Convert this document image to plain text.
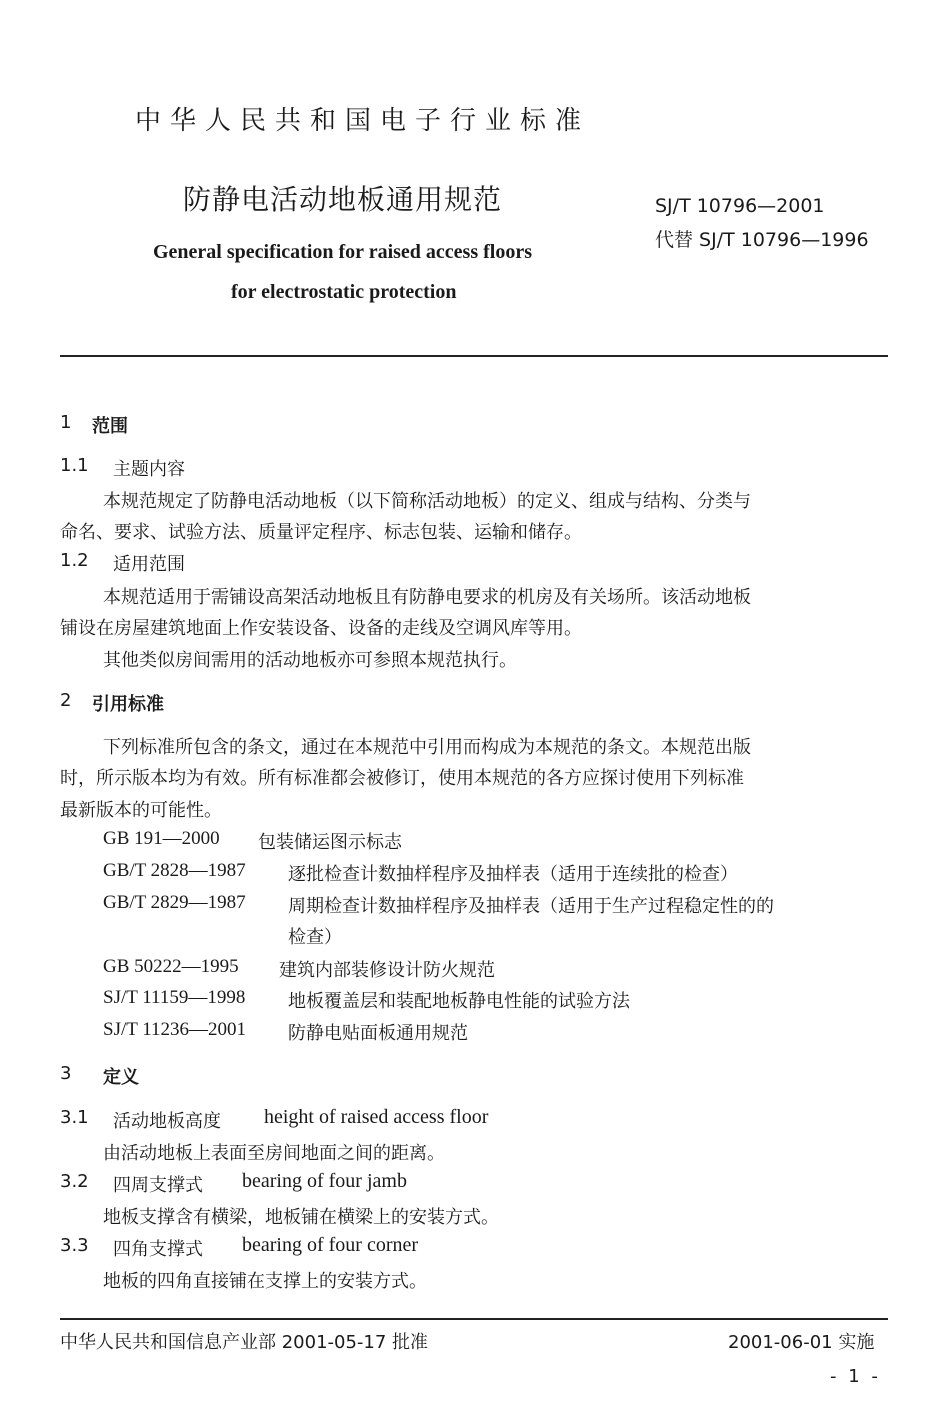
中华人民共和国电子行业标准
防静电活动地板通用规范
General specification for raised access floors
for electrostatic protection
SJ/T 10796—2001
代替 SJ/T 10796—1996
1 范围
1.1 主题内容
本规范规定了防静电活动地板（以下简称活动地板）的定义、组成与结构、分类与
命名、要求、试验方法、质量评定程序、标志包装、运输和储存。
1.2 适用范围
本规范适用于需铺设高架活动地板且有防静电要求的机房及有关场所。该活动地板
铺设在房屋建筑地面上作安装设备、设备的走线及空调风库等用。
其他类似房间需用的活动地板亦可参照本规范执行。
2 引用标准
下列标准所包含的条文，通过在本规范中引用而构成为本规范的条文。本规范出版
时，所示版本均为有效。所有标准都会被修订，使用本规范的各方应探讨使用下列标准
最新版本的可能性。
GB 191—2000 包装储运图示标志
GB/T 2828—1987 逐批检查计数抽样程序及抽样表（适用于连续批的检查）
GB/T 2829—1987 周期检查计数抽样程序及抽样表（适用于生产过程稳定性的的
检查）
GB 50222—1995 建筑内部装修设计防火规范
SJ/T 11159—1998 地板覆盖层和装配地板静电性能的试验方法
SJ/T 11236—2001 防静电贴面板通用规范
3 定义
3.1 活动地板高度 height of raised access floor
由活动地板上表面至房间地面之间的距离。
3.2 四周支撑式 bearing of four jamb
地板支撑含有横梁，地板铺在横梁上的安装方式。
3.3 四角支撑式 bearing of four corner
地板的四角直接铺在支撑上的安装方式。
中华人民共和国信息产业部 2001-05-17 批准	2001-06-01 实施
- 1 -
